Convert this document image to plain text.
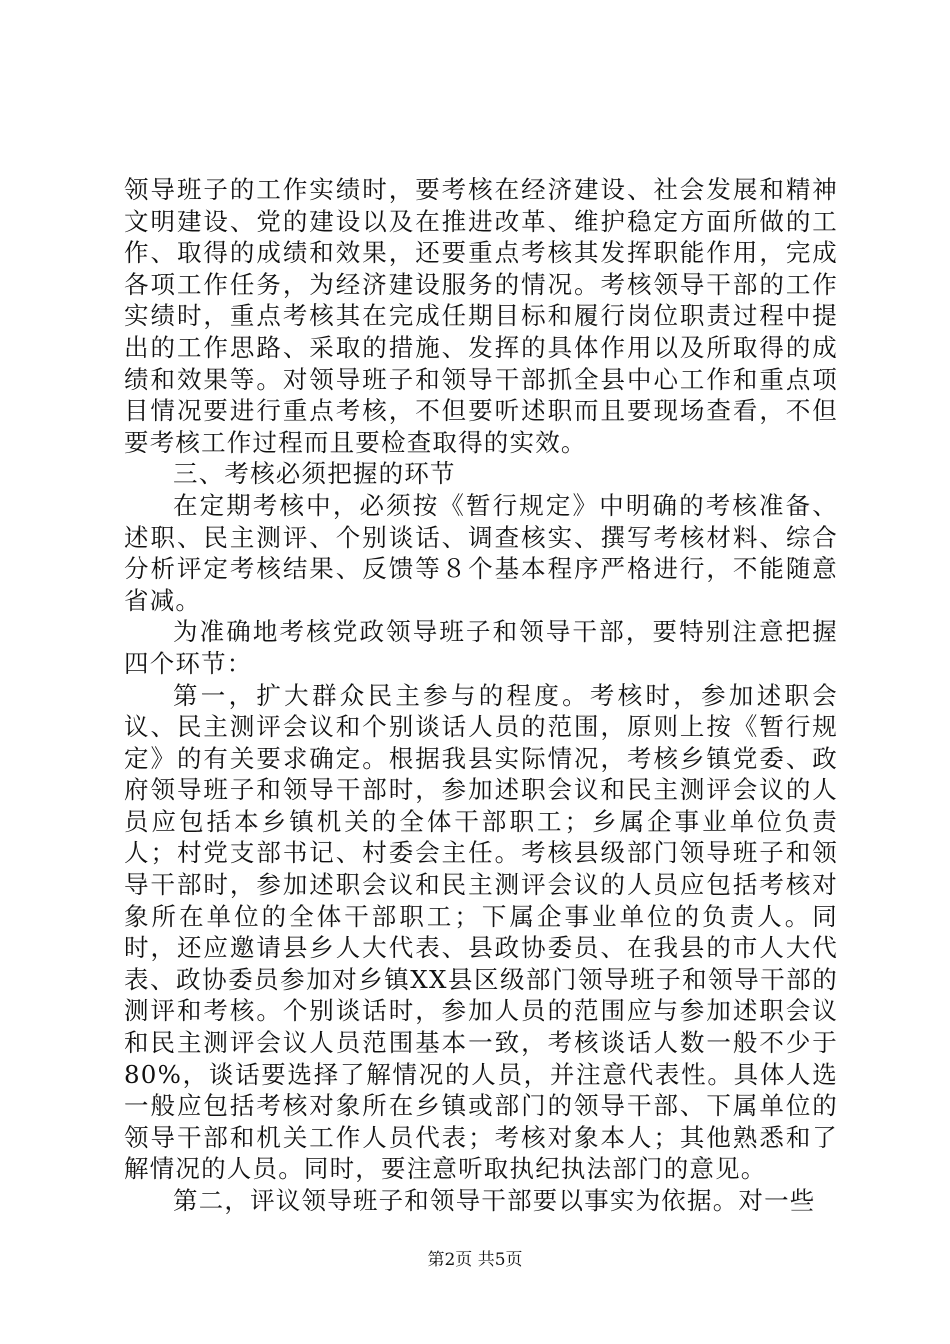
领导班子的工作实绩时，要考核在经济建设、社会发展和精神文明建设、党的建设以及在推进改革、维护稳定方面所做的工作、取得的成绩和效果，还要重点考核其发挥职能作用，完成各项工作任务，为经济建设服务的情况。考核领导干部的工作实绩时，重点考核其在完成任期目标和履行岗位职责过程中提出的工作思路、采取的措施、发挥的具体作用以及所取得的成绩和效果等。对领导班子和领导干部抓全县中心工作和重点项目情况要进行重点考核，不但要听述职而且要现场查看，不但要考核工作过程而且要检查取得的实效。

三、考核必须把握的环节

在定期考核中，必须按《暂行规定》中明确的考核准备、述职、民主测评、个别谈话、调查核实、撰写考核材料、综合分析评定考核结果、反馈等８个基本程序严格进行，不能随意省减。

为准确地考核党政领导班子和领导干部，要特别注意把握四个环节：

第一，扩大群众民主参与的程度。考核时，参加述职会议、民主测评会议和个别谈话人员的范围，原则上按《暂行规定》的有关要求确定。根据我县实际情况，考核乡镇党委、政府领导班子和领导干部时，参加述职会议和民主测评会议的人员应包括本乡镇机关的全体干部职工；乡属企事业单位负责人；村党支部书记、村委会主任。考核县级部门领导班子和领导干部时，参加述职会议和民主测评会议的人员应包括考核对象所在单位的全体干部职工；下属企事业单位的负责人。同时，还应邀请县乡人大代表、县政协委员、在我县的市人大代表、政协委员参加对乡镇XX县区级部门领导班子和领导干部的测评和考核。个别谈话时，参加人员的范围应与参加述职会议和民主测评会议人员范围基本一致，考核谈话人数一般不少于80%，谈话要选择了解情况的人员，并注意代表性。具体人选一般应包括考核对象所在乡镇或部门的领导干部、下属单位的领导干部和机关工作人员代表；考核对象本人；其他熟悉和了解情况的人员。同时，要注意听取执纪执法部门的意见。

第二，评议领导班子和领导干部要以事实为依据。对一些

第2页 共5页
